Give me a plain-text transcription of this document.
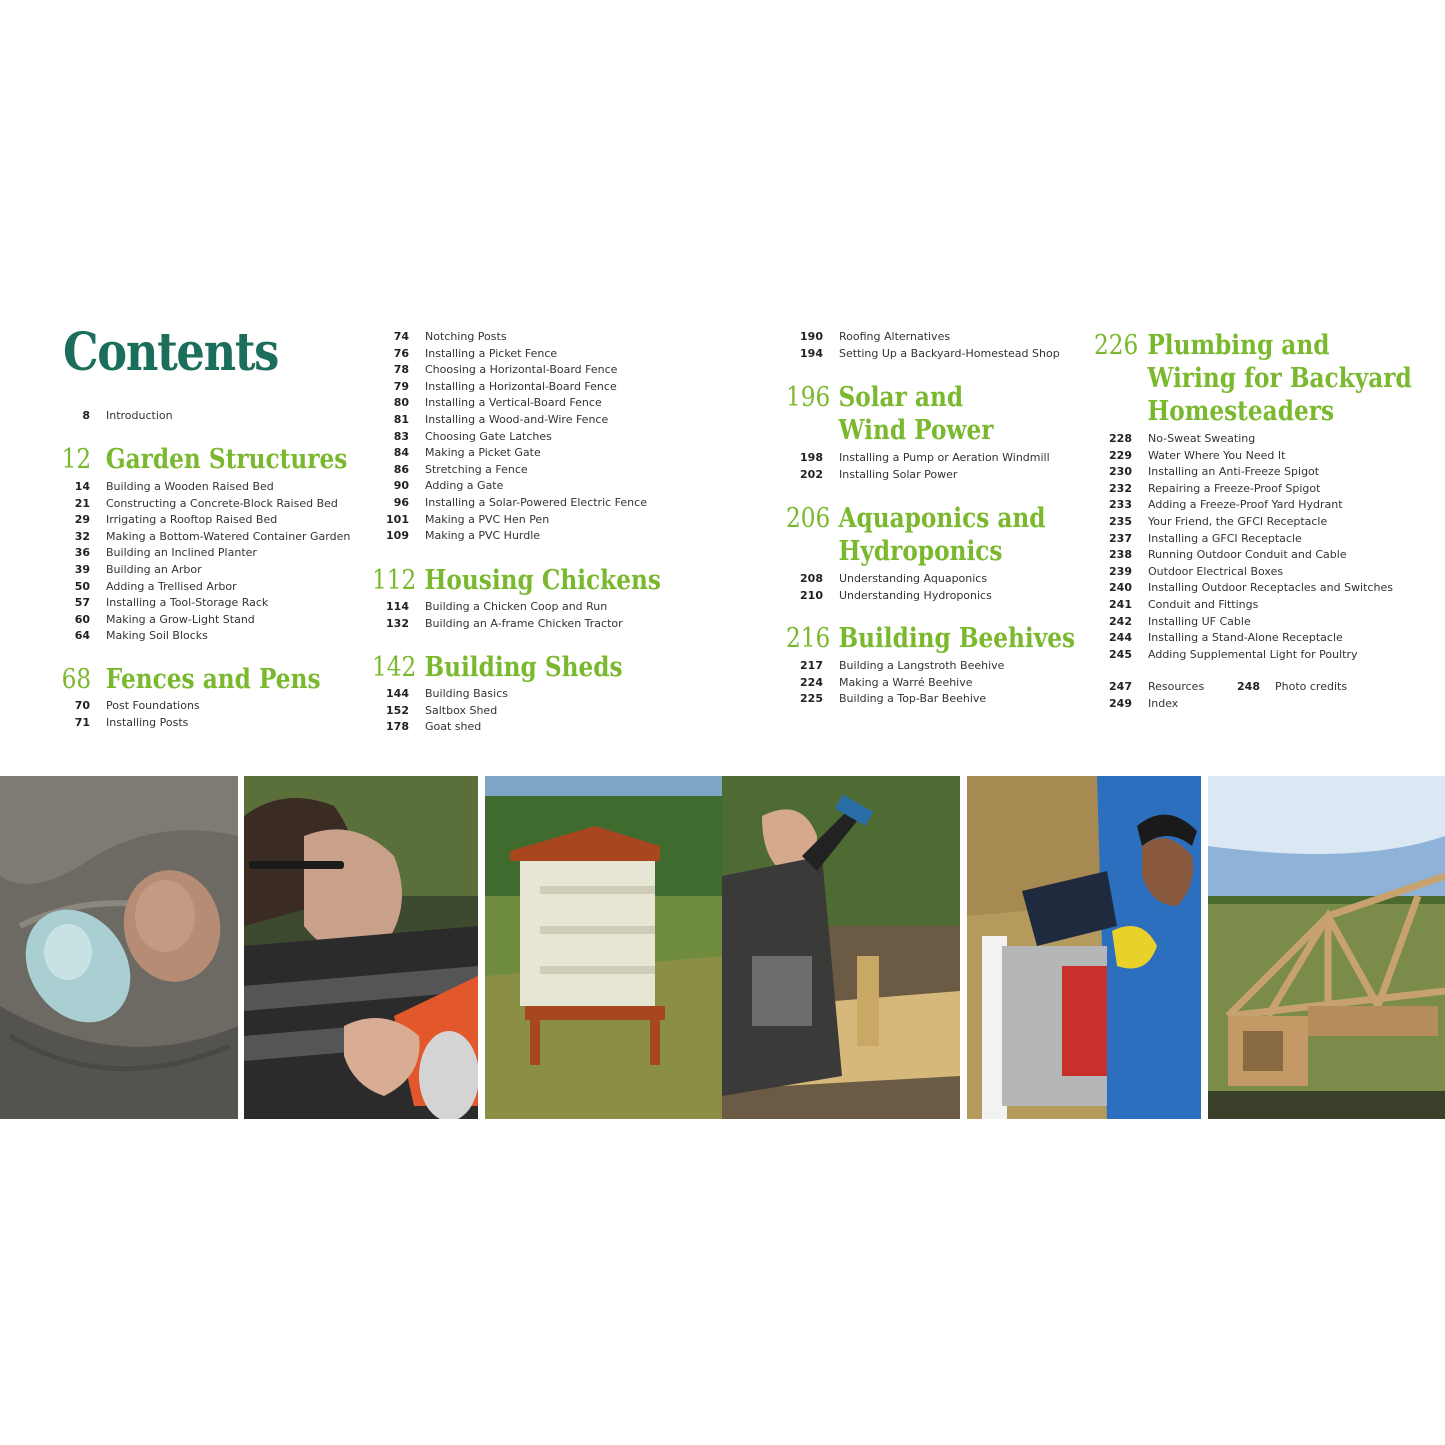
Contents
8 Introduction
12 Garden Structures
14 Building a Wooden Raised Bed
21 Constructing a Concrete-Block Raised Bed
29 Irrigating a Rooftop Raised Bed
32 Making a Bottom-Watered Container Garden
36 Building an Inclined Planter
39 Building an Arbor
50 Adding a Trellised Arbor
57 Installing a Tool-Storage Rack
60 Making a Grow-Light Stand
64 Making Soil Blocks
68 Fences and Pens
70 Post Foundations
71 Installing Posts
74 Notching Posts
76 Installing a Picket Fence
78 Choosing a Horizontal-Board Fence
79 Installing a Horizontal-Board Fence
80 Installing a Vertical-Board Fence
81 Installing a Wood-and-Wire Fence
83 Choosing Gate Latches
84 Making a Picket Gate
86 Stretching a Fence
90 Adding a Gate
96 Installing a Solar-Powered Electric Fence
101 Making a PVC Hen Pen
109 Making a PVC Hurdle
112 Housing Chickens
114 Building a Chicken Coop and Run
132 Building an A-frame Chicken Tractor
142 Building Sheds
144 Building Basics
152 Saltbox Shed
178 Goat shed
190 Roofing Alternatives
194 Setting Up a Backyard-Homestead Shop
196 Solar and
Wind Power
198 Installing a Pump or Aeration Windmill
202 Installing Solar Power
206 Aquaponics and
Hydroponics
208 Understanding Aquaponics
210 Understanding Hydroponics
216 Building Beehives
217 Building a Langstroth Beehive
224 Making a Warré Beehive
225 Building a Top-Bar Beehive
226 Plumbing and
Wiring for Backyard
Homesteaders
228 No-Sweat Sweating
229 Water Where You Need It
230 Installing an Anti-Freeze Spigot
232 Repairing a Freeze-Proof Spigot
233 Adding a Freeze-Proof Yard Hydrant
235 Your Friend, the GFCI Receptacle
237 Installing a GFCI Receptacle
238 Running Outdoor Conduit and Cable
239 Outdoor Electrical Boxes
240 Installing Outdoor Receptacles and Switches
241 Conduit and Fittings
242 Installing UF Cable
244 Installing a Stand-Alone Receptacle
245 Adding Supplemental Light for Poultry
247 Resources	248 Photo credits
249 Index
